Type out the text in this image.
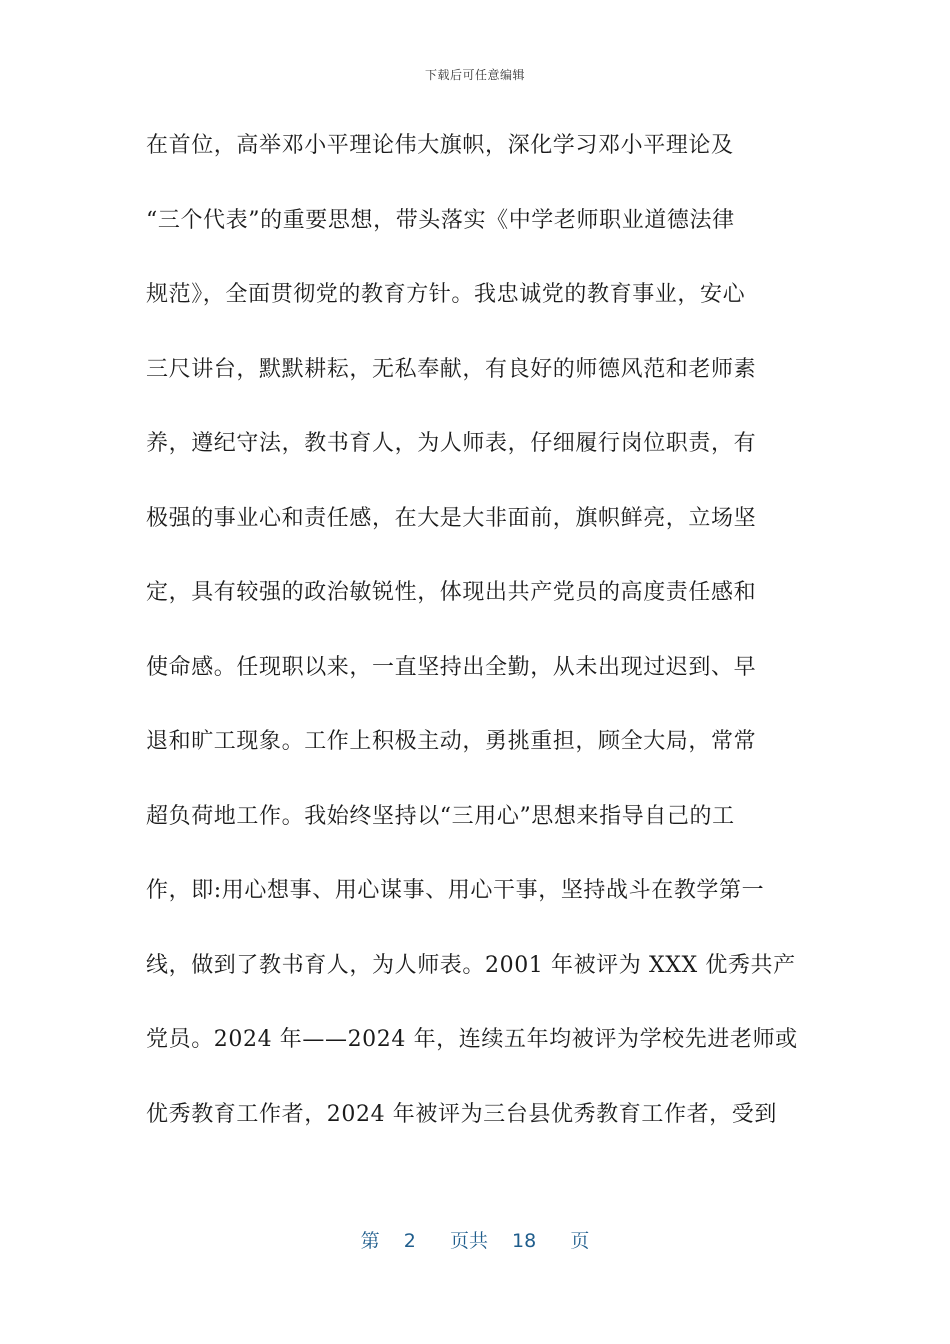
下载后可任意编辑
在首位，高举邓小平理论伟大旗帜，深化学习邓小平理论及
“三个代表”的重要思想，带头落实《中学老师职业道德法律
规范》，全面贯彻党的教育方针。我忠诚党的教育事业，安心
三尺讲台，默默耕耘，无私奉献，有良好的师德风范和老师素
养，遵纪守法，教书育人，为人师表，仔细履行岗位职责，有
极强的事业心和责任感，在大是大非面前，旗帜鲜亮，立场坚
定，具有较强的政治敏锐性，体现出共产党员的高度责任感和
使命感。任现职以来，一直坚持出全勤，从未出现过迟到、早
退和旷工现象。工作上积极主动，勇挑重担，顾全大局，常常
超负荷地工作。我始终坚持以“三用心”思想来指导自己的工
作，即:用心想事、用心谋事、用心干事，坚持战斗在教学第一
线，做到了教书育人，为人师表。2001 年被评为 XXX 优秀共产
党员。2024 年——2024 年，连续五年均被评为学校先进老师或
优秀教育工作者，2024 年被评为三台县优秀教育工作者，受到
第 2 页共 18 页
